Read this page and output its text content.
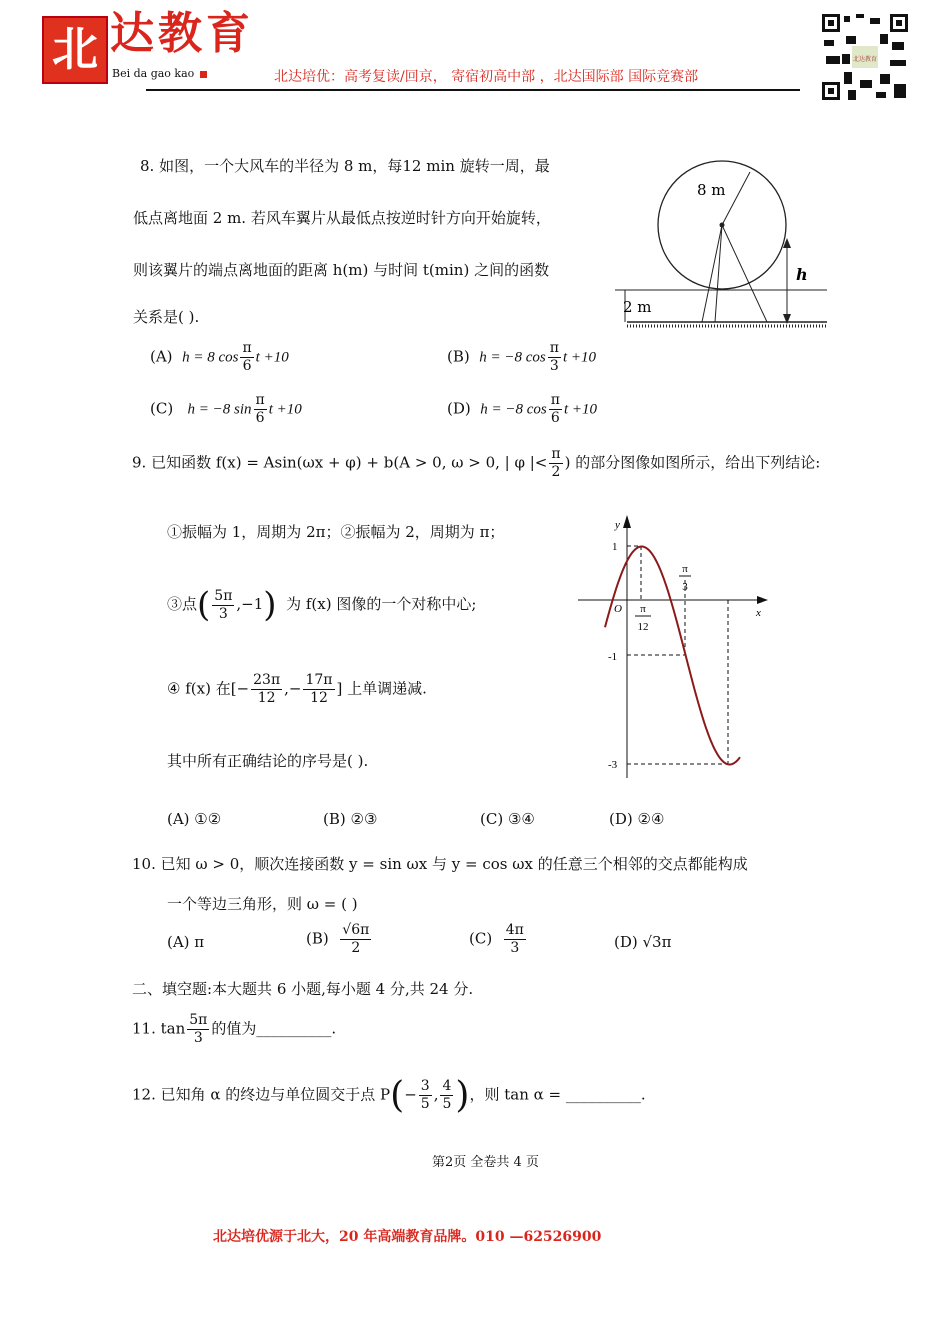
北 达教育
Bei da gao kao	北达培优：高考复读/回京， 寄宿初高中部 ，北达国际部 国际竞赛部
北达教育
8. 如图，一个大风车的半径为 8 m，每12 min 旋转一周，最
低点离地面 2 m. 若风车翼片从最低点按逆时针方向开始旋转，
则该翼片的端点离地面的距离 h(m) 与时间 t(min) 之间的函数
关系是( ).
(A) h = 8 $\cos \frac{\pi}{6}$ t +10	(B) h = −8 $\cos \frac{\pi}{3}$ t +10
(C) h = −8 $\sin \frac{\pi}{6}$ t +10	(D) h = −8 $\cos \frac{\pi}{6}$ t +10
8 m
h
2 m
9. 已知函数 f(x) = Asin(ωx + φ) + b(A > 0, ω > 0, | φ |< $\frac{\pi}{2}$ ) 的部分图像如图所示，给出下列结论:
①振幅为 1，周期为 2π；②振幅为 2，周期为 π；
③点( $\frac{5\pi}{3} ,-1$) 为 f(x) 图像的一个对称中心;
④ f(x) 在[− $\frac{23\pi}{12}$ ,− $\frac{17\pi}{12}$ ] 上单调递减.
其中所有正确结论的序号是( ).
(A) ①②	(B) ②③	(C) ③④	(D) ②④
y
x
O
1
-1
-3
π
12
π
3
10. 已知 ω > 0，顺次连接函数 y = sin ωx 与 y = cos ωx 的任意三个相邻的交点都能构成
一个等边三角形，则 ω = ( )
(A) π	$(B) \frac{√6\pi}{2}$	$(C) \frac{4\pi}{3}$	(D) √3π
二、填空题:本大题共 6 小题,每小题 4 分,共 24 分.
11. $\tan \frac{5\pi}{3}$ 的值为__________.
12. 已知角 α 的终边与单位圆交于点 $P(- \frac{3}{5}$ , $\frac{4}{5}$ )，则 tan α = __________.
第2页 全卷共 4 页
北达培优源于北大，20 年高端教育品牌。010 —62526900
